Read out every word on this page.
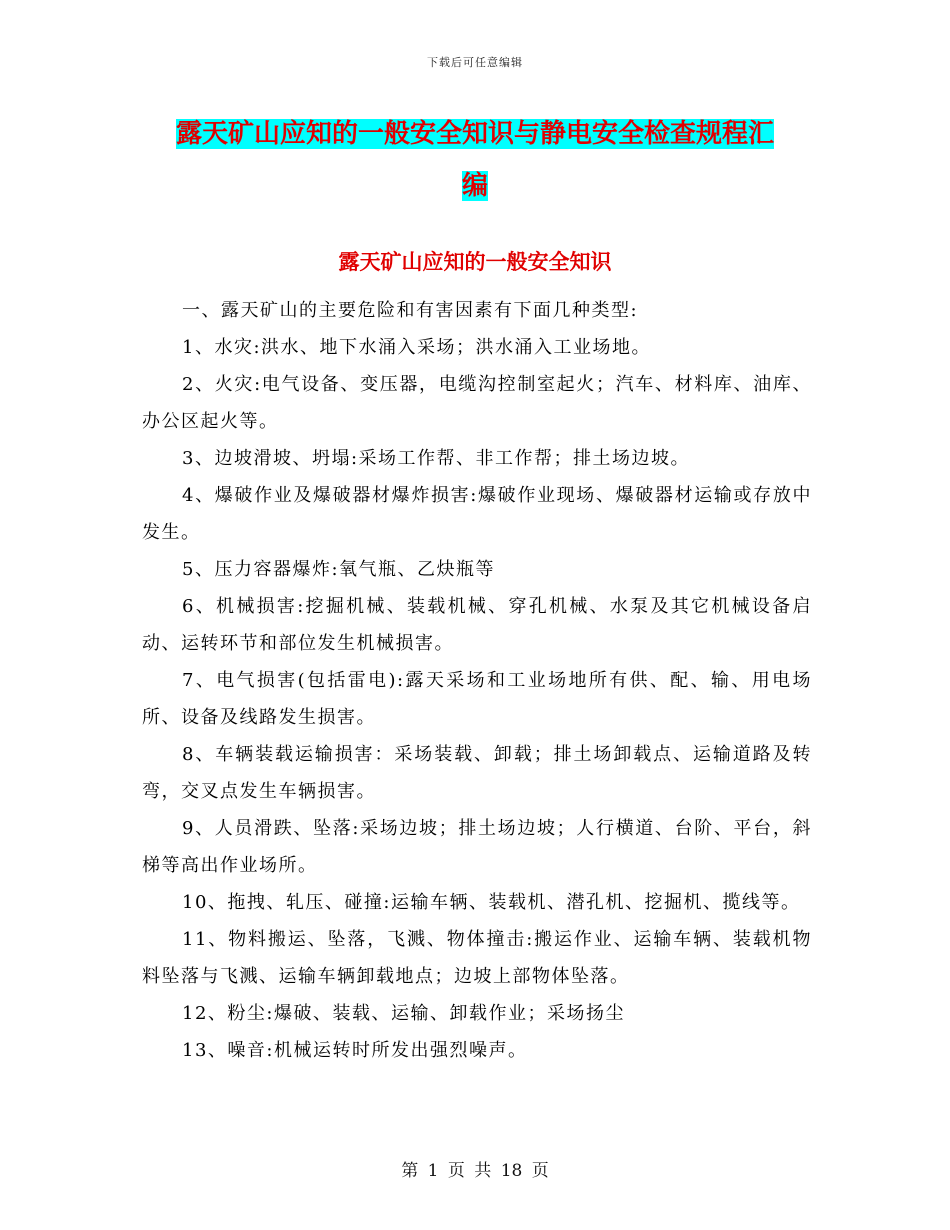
下载后可任意编辑
露天矿山应知的一般安全知识与静电安全检查规程汇
编
露天矿山应知的一般安全知识

一、露天矿山的主要危险和有害因素有下面几种类型:

1、水灾:洪水、地下水涌入采场；洪水涌入工业场地。

2、火灾:电气设备、变压器，电缆沟控制室起火；汽车、材料库、油库、办公区起火等。

3、边坡滑坡、坍塌:采场工作帮、非工作帮；排土场边坡。

4、爆破作业及爆破器材爆炸损害:爆破作业现场、爆破器材运输或存放中发生。

5、压力容器爆炸:氧气瓶、乙炔瓶等

6、机械损害:挖掘机械、装载机械、穿孔机械、水泵及其它机械设备启动、运转环节和部位发生机械损害。

7、电气损害(包括雷电):露天采场和工业场地所有供、配、输、用电场所、设备及线路发生损害。

8、车辆装载运输损害：采场装载、卸载；排土场卸载点、运输道路及转弯，交叉点发生车辆损害。

9、人员滑跌、坠落:采场边坡；排土场边坡；人行横道、台阶、平台，斜梯等高出作业场所。

10、拖拽、轧压、碰撞:运输车辆、装载机、潜孔机、挖掘机、揽线等。

11、物料搬运、坠落，飞溅、物体撞击:搬运作业、运输车辆、装载机物料坠落与飞溅、运输车辆卸载地点；边坡上部物体坠落。

12、粉尘:爆破、装载、运输、卸载作业；采场扬尘

13、噪音:机械运转时所发出强烈噪声。

第 1 页 共 18 页
